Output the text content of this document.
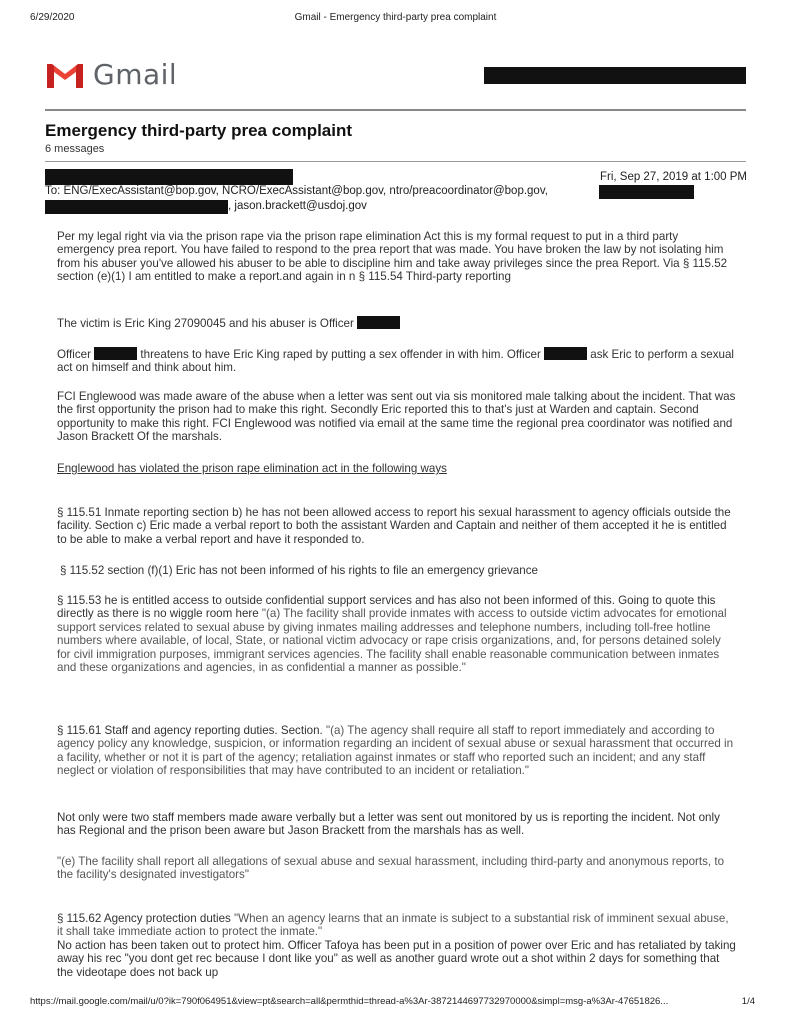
6/29/2020	Gmail - Emergency third-party prea complaint
Gmail
Emergency third-party prea complaint
6 messages
Fri, Sep 27, 2019 at 1:00 PM
To: ENG/ExecAssistant@bop.gov, NCRO/ExecAssistant@bop.gov, ntro/preacoordinator@bop.gov,
, jason.brackett@usdoj.gov

Per my legal right via via the prison rape via the prison rape elimination Act this is my formal request to put in a third party emergency prea report. You have failed to respond to the prea report that was made. You have broken the law by not isolating him from his abuser you've allowed his abuser to be able to discipline him and take away privileges since the prea Report. Via § 115.52 section (e)(1) I am entitled to make a report.and again in n § 115.54 Third-party reporting

The victim is Eric King 27090045 and his abuser is Officer

Officer	threatens to have Eric King raped by putting a sex offender in with him. Officer	ask Eric to perform a sexual act on himself and think about him.

FCI Englewood was made aware of the abuse when a letter was sent out via sis monitored male talking about the incident. That was the first opportunity the prison had to make this right. Secondly Eric reported this to that's just at Warden and captain. Second opportunity to make this right. FCI Englewood was notified via email at the same time the regional prea coordinator was notified and Jason Brackett Of the marshals.

Englewood has violated the prison rape elimination act in the following ways

§ 115.51 Inmate reporting section b) he has not been allowed access to report his sexual harassment to agency officials outside the facility. Section c) Eric made a verbal report to both the assistant Warden and Captain and neither of them accepted it he is entitled to be able to make a verbal report and have it responded to.

§ 115.52 section (f)(1) Eric has not been informed of his rights to file an emergency grievance

§ 115.53 he is entitled access to outside confidential support services and has also not been informed of this. Going to quote this directly as there is no wiggle room here "(a) The facility shall provide inmates with access to outside victim advocates for emotional support services related to sexual abuse by giving inmates mailing addresses and telephone numbers, including toll-free hotline numbers where available, of local, State, or national victim advocacy or rape crisis organizations, and, for persons detained solely for civil immigration purposes, immigrant services agencies. The facility shall enable reasonable communication between inmates and these organizations and agencies, in as confidential a manner as possible."

§ 115.61 Staff and agency reporting duties. Section. "(a) The agency shall require all staff to report immediately and according to agency policy any knowledge, suspicion, or information regarding an incident of sexual abuse or sexual harassment that occurred in a facility, whether or not it is part of the agency; retaliation against inmates or staff who reported such an incident; and any staff neglect or violation of responsibilities that may have contributed to an incident or retaliation."

Not only were two staff members made aware verbally but a letter was sent out monitored by us is reporting the incident. Not only has Regional and the prison been aware but Jason Brackett from the marshals has as well.

"(e) The facility shall report all allegations of sexual abuse and sexual harassment, including third-party and anonymous reports, to the facility's designated investigators"

§ 115.62 Agency protection duties "When an agency learns that an inmate is subject to a substantial risk of imminent sexual abuse, it shall take immediate action to protect the inmate."

No action has been taken out to protect him. Officer Tafoya has been put in a position of power over Eric and has retaliated by taking away his rec "you dont get rec because I dont like you" as well as another guard wrote out a shot within 2 days for something that the videotape does not back up

https://mail.google.com/mail/u/0?ik=790f064951&view=pt&search=all&permthid=thread-a%3Ar-3872144697732970000&simpl=msg-a%3Ar-47651826...	1/4
